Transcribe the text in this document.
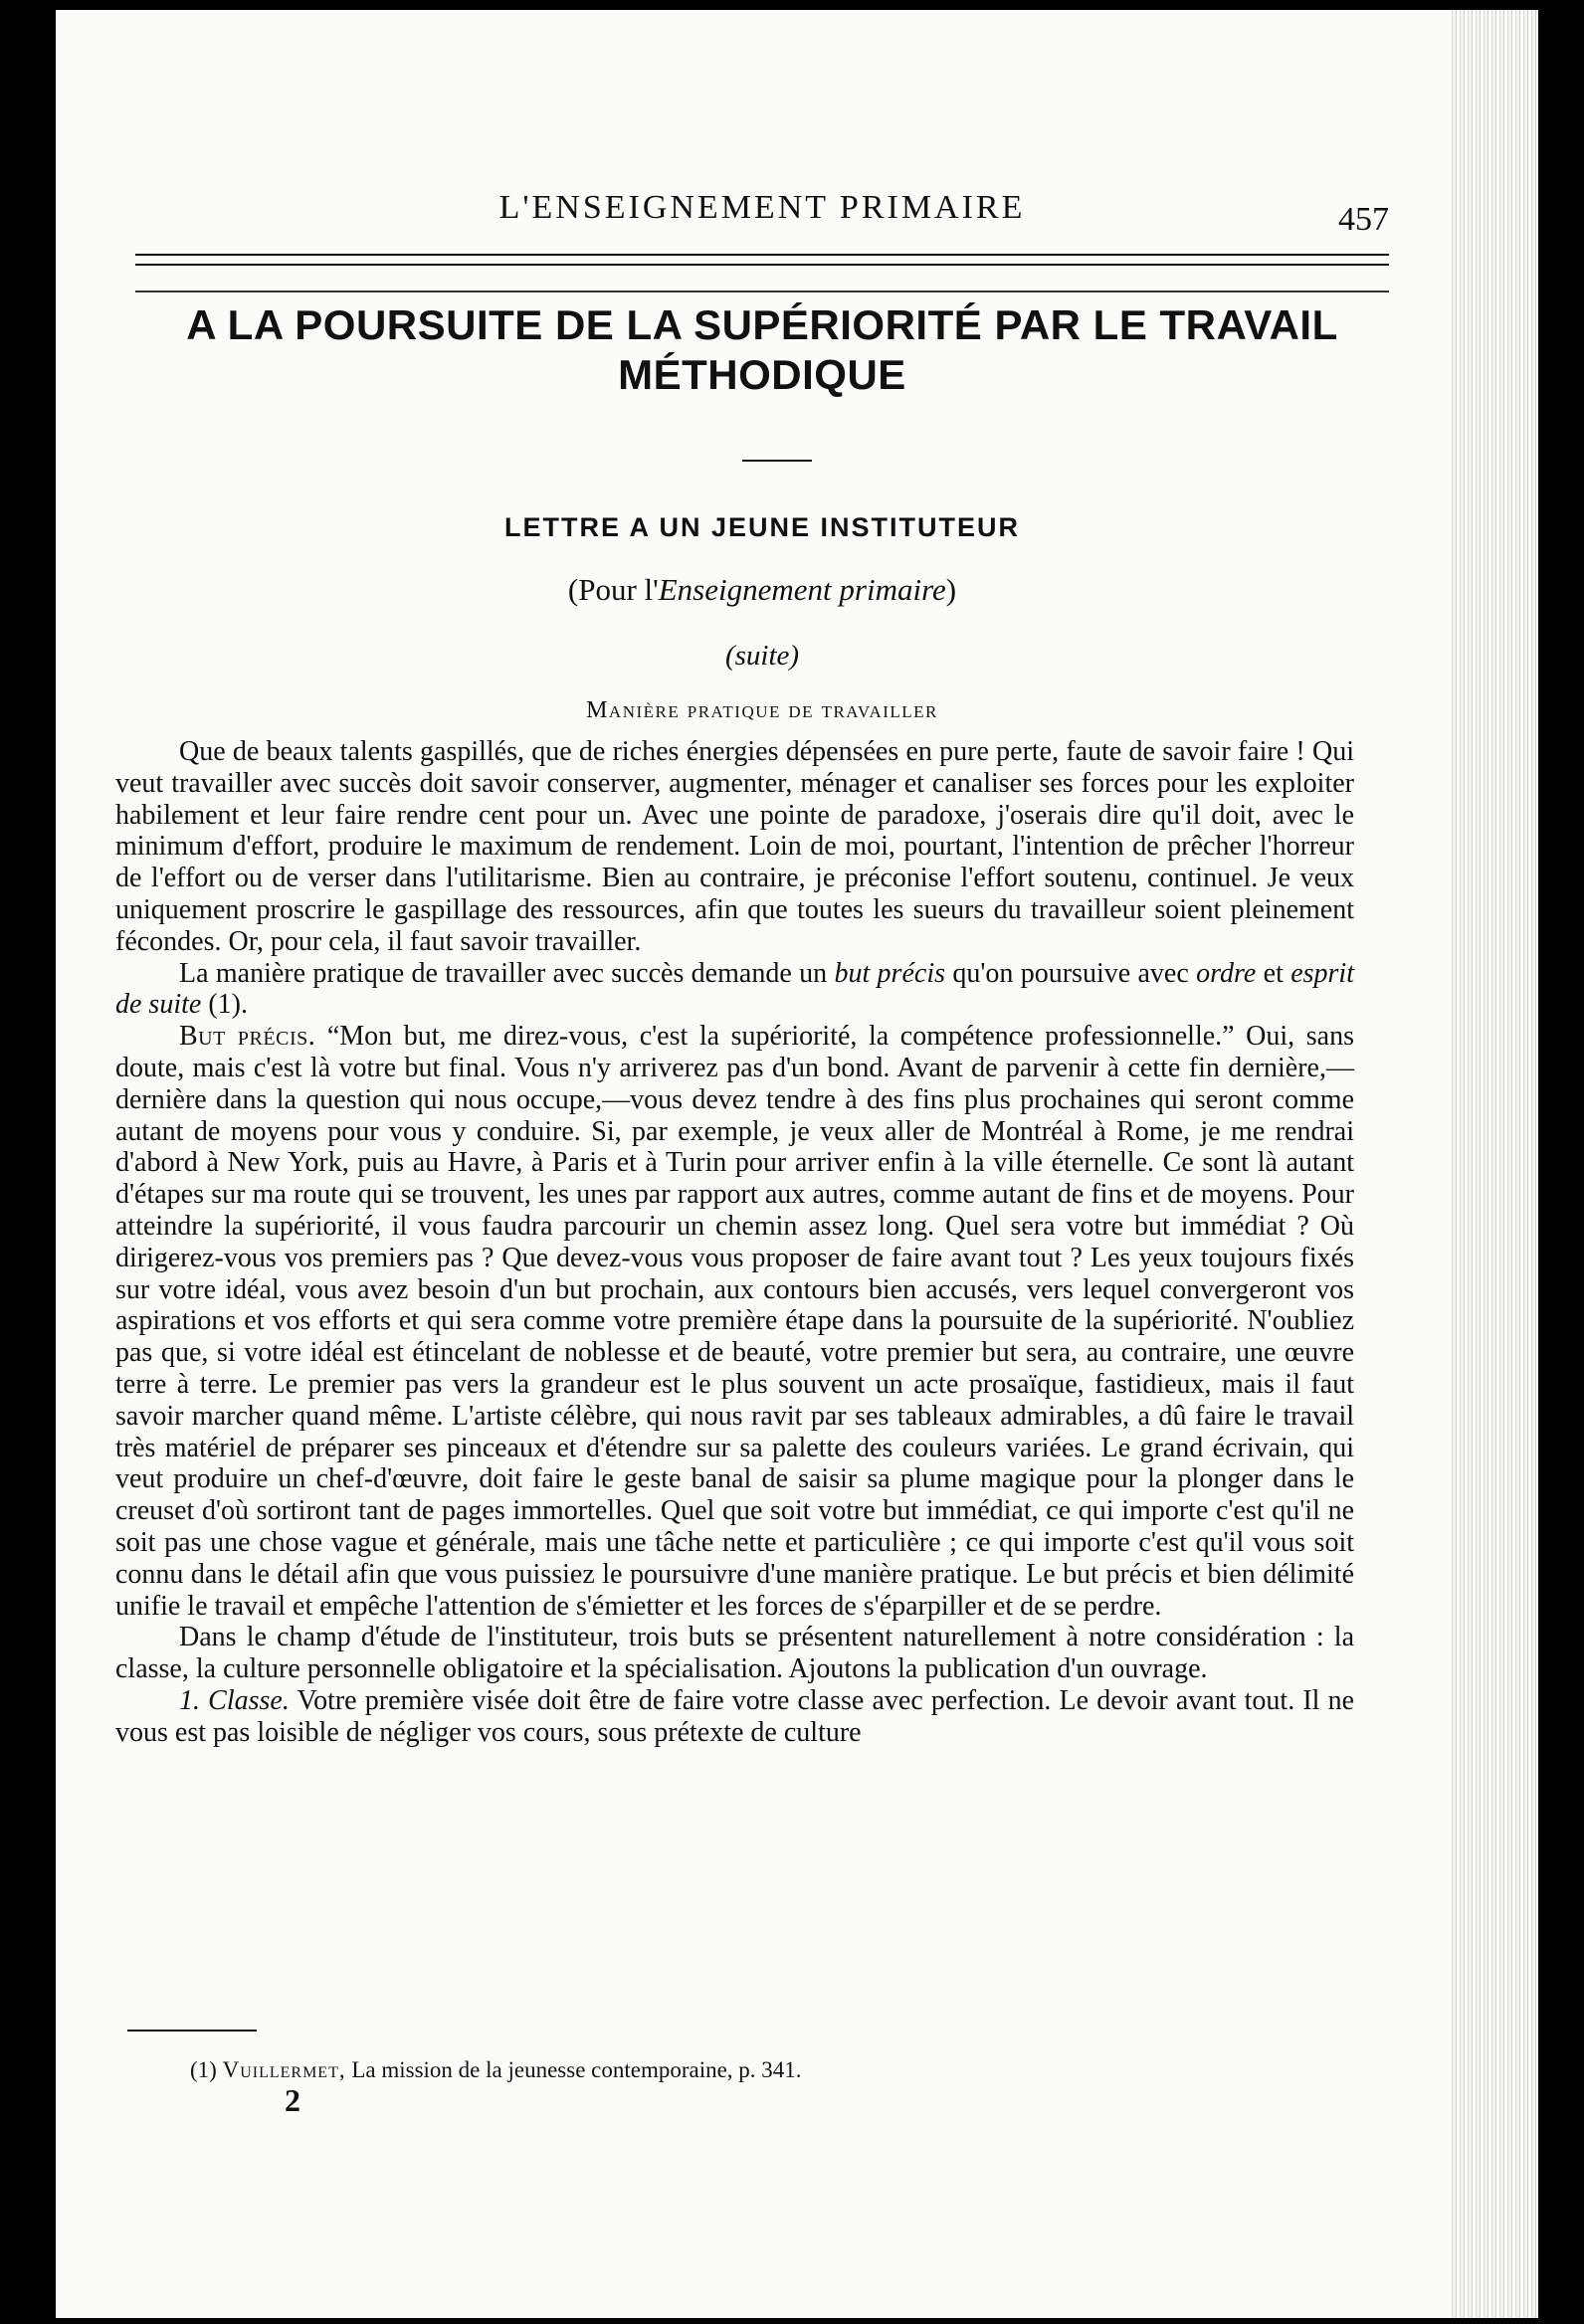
L'ENSEIGNEMENT PRIMAIRE	457
A LA POURSUITE DE LA SUPÉRIORITÉ PAR LE TRAVAIL
MÉTHODIQUE
LETTRE A UN JEUNE INSTITUTEUR
(Pour l'Enseignement primaire)
(suite)
Manière pratique de travailler

Que de beaux talents gaspillés, que de riches énergies dépensées en pure perte, faute de savoir faire ! Qui veut travailler avec succès doit savoir conserver, augmenter, ménager et canaliser ses forces pour les exploiter habilement et leur faire rendre cent pour un. Avec une pointe de paradoxe, j'oserais dire qu'il doit, avec le minimum d'effort, produire le maximum de rendement. Loin de moi, pourtant, l'intention de prêcher l'horreur de l'effort ou de verser dans l'utilitarisme. Bien au contraire, je préconise l'effort soutenu, continuel. Je veux uniquement proscrire le gaspillage des ressources, afin que toutes les sueurs du travailleur soient pleinement fécondes. Or, pour cela, il faut savoir travailler.

La manière pratique de travailler avec succès demande un but précis qu'on poursuive avec ordre et esprit de suite (1).

But précis. “Mon but, me direz-vous, c'est la supériorité, la compétence professionnelle.” Oui, sans doute, mais c'est là votre but final. Vous n'y arriverez pas d'un bond. Avant de parvenir à cette fin dernière,—dernière dans la question qui nous occupe,—vous devez tendre à des fins plus prochaines qui seront comme autant de moyens pour vous y conduire. Si, par exemple, je veux aller de Montréal à Rome, je me rendrai d'abord à New York, puis au Havre, à Paris et à Turin pour arriver enfin à la ville éternelle. Ce sont là autant d'étapes sur ma route qui se trouvent, les unes par rapport aux autres, comme autant de fins et de moyens. Pour atteindre la supériorité, il vous faudra parcourir un chemin assez long. Quel sera votre but immédiat ? Où dirigerez-vous vos premiers pas ? Que devez-vous vous proposer de faire avant tout ? Les yeux toujours fixés sur votre idéal, vous avez besoin d'un but prochain, aux contours bien accusés, vers lequel convergeront vos aspirations et vos efforts et qui sera comme votre première étape dans la poursuite de la supériorité. N'oubliez pas que, si votre idéal est étincelant de noblesse et de beauté, votre premier but sera, au contraire, une œuvre terre à terre. Le premier pas vers la grandeur est le plus souvent un acte prosaïque, fastidieux, mais il faut savoir marcher quand même. L'artiste célèbre, qui nous ravit par ses tableaux admirables, a dû faire le travail très matériel de préparer ses pinceaux et d'étendre sur sa palette des couleurs variées. Le grand écrivain, qui veut produire un chef-d'œuvre, doit faire le geste banal de saisir sa plume magique pour la plonger dans le creuset d'où sortiront tant de pages immortelles. Quel que soit votre but immédiat, ce qui importe c'est qu'il ne soit pas une chose vague et générale, mais une tâche nette et particulière ; ce qui importe c'est qu'il vous soit connu dans le détail afin que vous puissiez le poursuivre d'une manière pratique. Le but précis et bien délimité unifie le travail et empêche l'attention de s'émietter et les forces de s'éparpiller et de se perdre.

Dans le champ d'étude de l'instituteur, trois buts se présentent naturellement à notre considération : la classe, la culture personnelle obligatoire et la spécialisation. Ajoutons la publication d'un ouvrage.

1. Classe. Votre première visée doit être de faire votre classe avec perfection. Le devoir avant tout. Il ne vous est pas loisible de négliger vos cours, sous prétexte de culture

(1) Vuillermet, La mission de la jeunesse contemporaine, p. 341.
2
